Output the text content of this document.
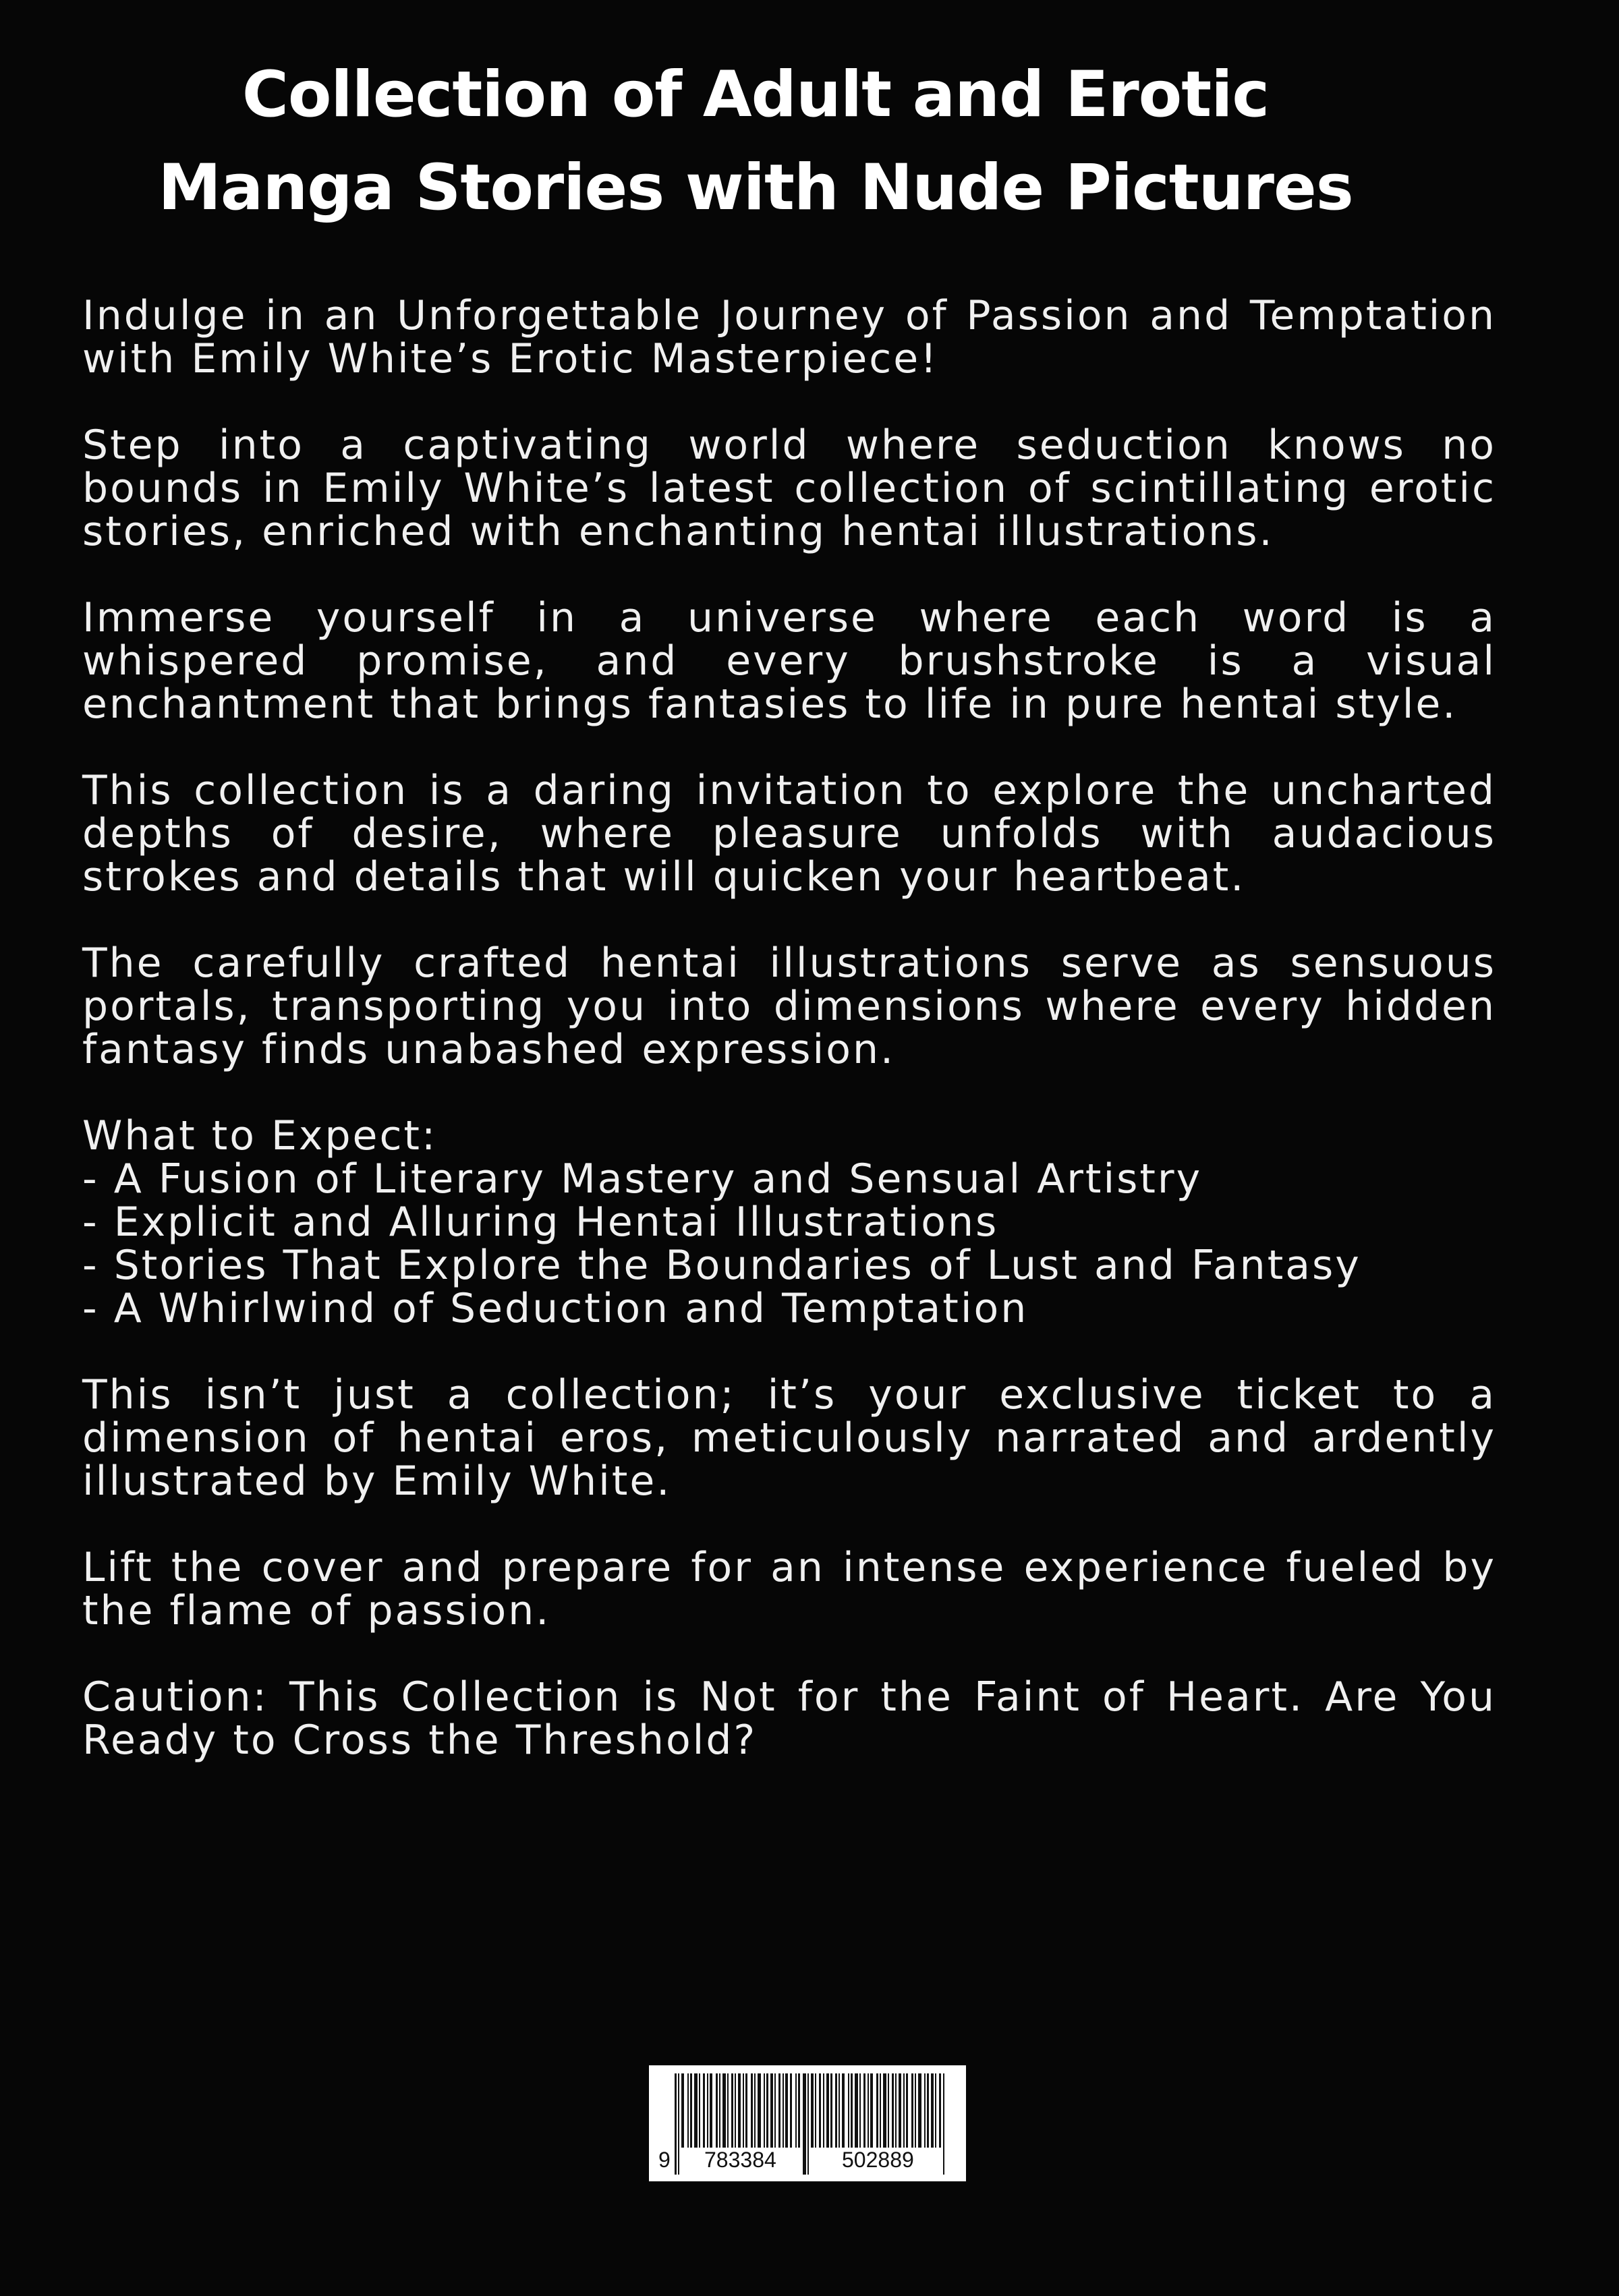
Collection of Adult and Erotic
Manga Stories with Nude Pictures

Indulge in an Unforgettable Journey of Passion and Temptation with Emily White’s Erotic Masterpiece!

Step into a captivating world where seduction knows no bounds in Emily White’s latest collection of scintillating erotic stories, enriched with enchanting hentai illustrations.

Immerse yourself in a universe where each word is a whispered promise, and every brushstroke is a visual enchantment that brings fantasies to life in pure hentai style.

This collection is a daring invitation to explore the uncharted depths of desire, where pleasure unfolds with audacious strokes and details that will quicken your heartbeat.

The carefully crafted hentai illustrations serve as sensuous portals, transporting you into dimensions where every hidden fantasy finds unabashed expression.

What to Expect:

- A Fusion of Literary Mastery and Sensual Artistry
- Explicit and Alluring Hentai Illustrations
- Stories That Explore the Boundaries of Lust and Fantasy
- A Whirlwind of Seduction and Temptation

This isn’t just a collection; it’s your exclusive ticket to a dimension of hentai eros, meticulously narrated and ardently illustrated by Emily White.

Lift the cover and prepare for an intense experience fueled by the flame of passion.

Caution: This Collection is Not for the Faint of Heart. Are You Ready to Cross the Threshold?

9 783384	502889
